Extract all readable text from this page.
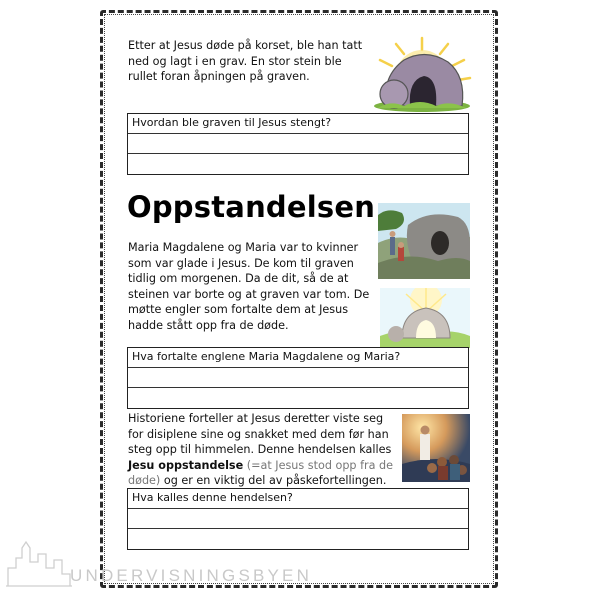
Etter at Jesus døde på korset, ble han tatt
ned og lagt i en grav. En stor stein ble
rullet foran åpningen på graven.
Hvordan ble graven til Jesus stengt?
Oppstandelsen
Maria Magdalene og Maria var to kvinner
som var glade i Jesus. De kom til graven
tidlig om morgenen. Da de dit, så de at
steinen var borte og at graven var tom. De
møtte engler som fortalte dem at Jesus
hadde stått opp fra de døde.
Hva fortalte englene Maria Magdalene og Maria?
Historiene forteller at Jesus deretter viste seg
for disiplene sine og snakket med dem før han
steg opp til himmelen. Denne hendelsen kalles
Jesu oppstandelse (=at Jesus stod opp fra de
døde) og er en viktig del av påskefortellingen.
Hva kalles denne hendelsen?
UNDERVISNINGSBYEN
